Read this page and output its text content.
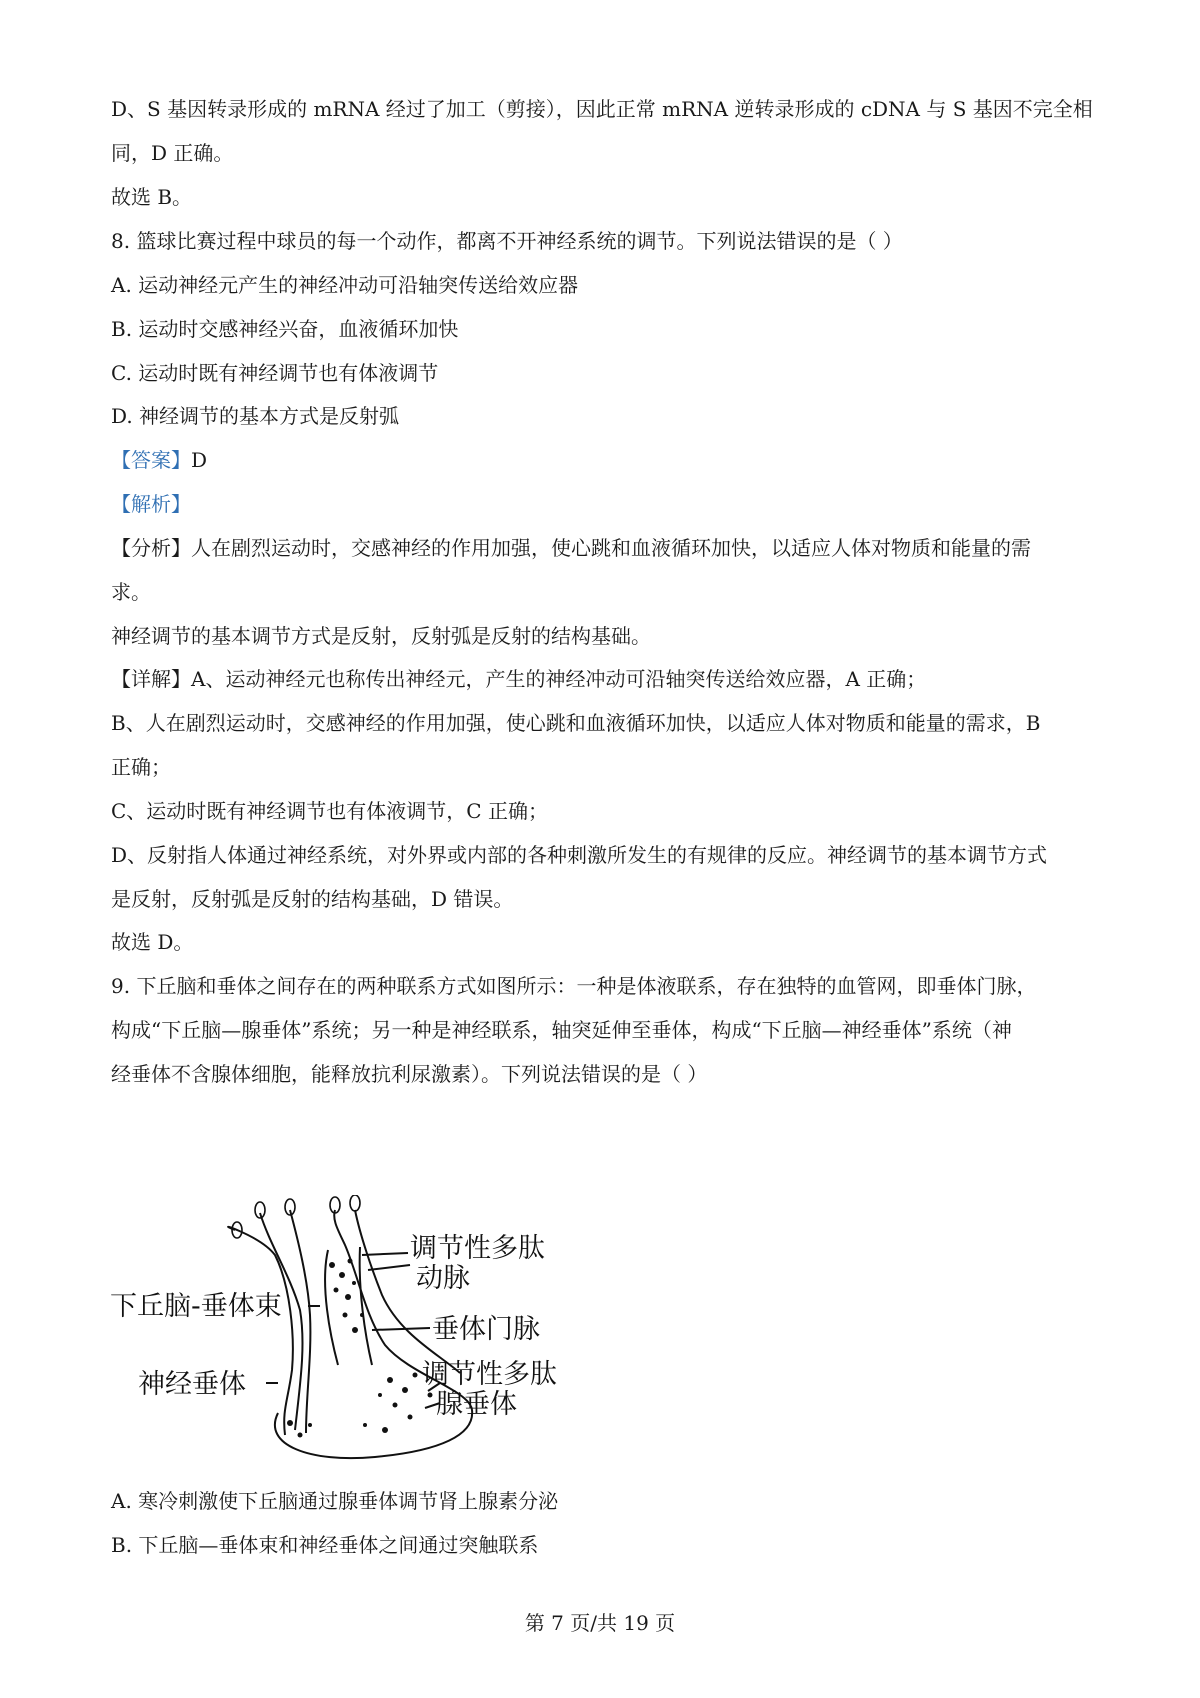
D、S 基因转录形成的 mRNA 经过了加工（剪接），因此正常 mRNA 逆转录形成的 cDNA 与 S 基因不完全相
同，D 正确。
故选 B。
8. 篮球比赛过程中球员的每一个动作，都离不开神经系统的调节。下列说法错误的是（ ）
A. 运动神经元产生的神经冲动可沿轴突传送给效应器
B. 运动时交感神经兴奋，血液循环加快
C. 运动时既有神经调节也有体液调节
D. 神经调节的基本方式是反射弧
【答案】D
【解析】
【分析】人在剧烈运动时，交感神经的作用加强，使心跳和血液循环加快，以适应人体对物质和能量的需
求。
神经调节的基本调节方式是反射，反射弧是反射的结构基础。
【详解】A、运动神经元也称传出神经元，产生的神经冲动可沿轴突传送给效应器，A 正确；
B、人在剧烈运动时，交感神经的作用加强，使心跳和血液循环加快，以适应人体对物质和能量的需求，B
正确；
C、运动时既有神经调节也有体液调节，C 正确；
D、反射指人体通过神经系统，对外界或内部的各种刺激所发生的有规律的反应。神经调节的基本调节方式
是反射，反射弧是反射的结构基础，D 错误。
故选 D。
9. 下丘脑和垂体之间存在的两种联系方式如图所示：一种是体液联系，存在独特的血管网，即垂体门脉，
构成“下丘脑—腺垂体”系统；另一种是神经联系，轴突延伸至垂体，构成“下丘脑—神经垂体”系统（神
经垂体不含腺体细胞，能释放抗利尿激素）。下列说法错误的是（ ）
调节性多肽
动脉
下丘脑-垂体束
垂体门脉
神经垂体	调节性多肽
腺垂体
A. 寒冷刺激使下丘脑通过腺垂体调节肾上腺素分泌
B. 下丘脑—垂体束和神经垂体之间通过突触联系
第 7 页/共 19 页
